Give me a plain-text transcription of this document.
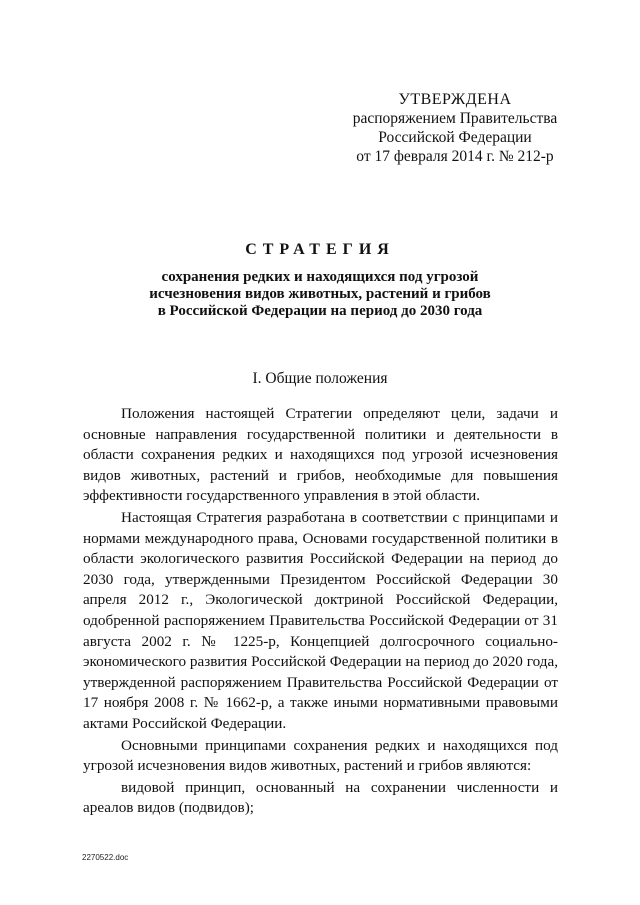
УТВЕРЖДЕНА
распоряжением Правительства
Российской Федерации
от 17 февраля 2014 г. № 212-р
СТРАТЕГИЯ
сохранения редких и находящихся под угрозой
исчезновения видов животных, растений и грибов
в Российской Федерации на период до 2030 года
I. Общие положения

Положения настоящей Стратегии определяют цели, задачи и основные направления государственной политики и деятельности в области сохранения редких и находящихся под угрозой исчезновения видов животных, растений и грибов, необходимые для повышения эффективности государственного управления в этой области.

Настоящая Стратегия разработана в соответствии с принципами и нормами международного права, Основами государственной политики в области экологического развития Российской Федерации на период до 2030 года, утвержденными Президентом Российской Федерации 30 апреля 2012 г., Экологической доктриной Российской Федерации, одобренной распоряжением Правительства Российской Федерации от 31 августа 2002 г. № 1225-р, Концепцией долгосрочного социально-экономического развития Российской Федерации на период до 2020 года, утвержденной распоряжением Правительства Российской Федерации от 17 ноября 2008 г. № 1662-р, а также иными нормативными правовыми актами Российской Федерации.

Основными принципами сохранения редких и находящихся под угрозой исчезновения видов животных, растений и грибов являются:

видовой принцип, основанный на сохранении численности и ареалов видов (подвидов);

2270522.doc
